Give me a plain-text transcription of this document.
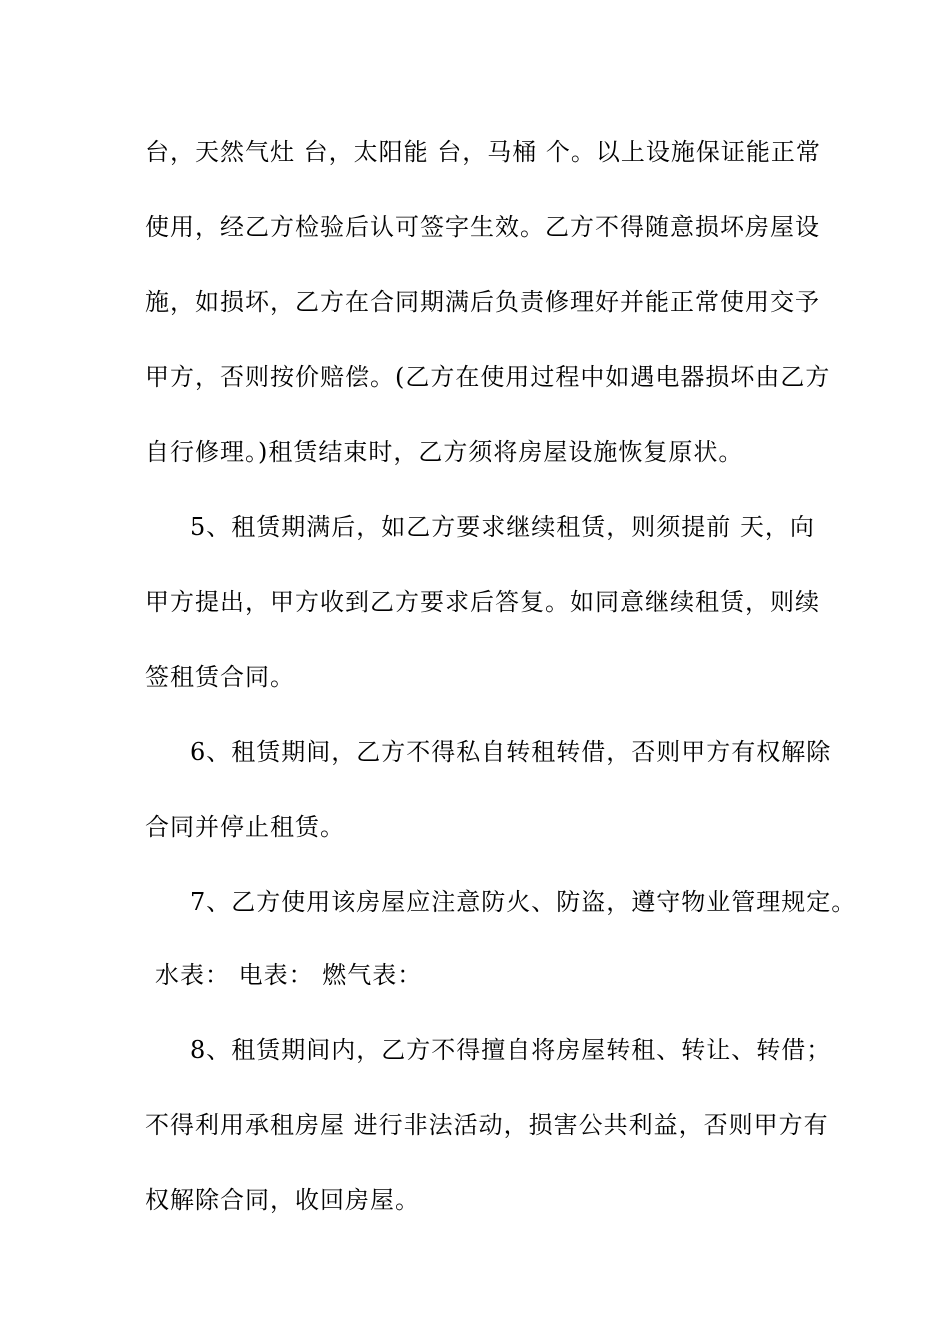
台，天然气灶 台，太阳能 台，马桶 个。以上设施保证能正常
使用，经乙方检验后认可签字生效。乙方不得随意损坏房屋设
施，如损坏，乙方在合同期满后负责修理好并能正常使用交予
甲方，否则按价赔偿。(乙方在使用过程中如遇电器损坏由乙方
自行修理。)租赁结束时，乙方须将房屋设施恢复原状。
5、租赁期满后，如乙方要求继续租赁，则须提前 天，向
甲方提出，甲方收到乙方要求后答复。如同意继续租赁，则续
签租赁合同。
6、租赁期间，乙方不得私自转租转借，否则甲方有权解除
合同并停止租赁。
7、乙方使用该房屋应注意防火、防盗，遵守物业管理规定。
水表： 电表： 燃气表：
8、租赁期间内，乙方不得擅自将房屋转租、转让、转借；
不得利用承租房屋 进行非法活动，损害公共利益，否则甲方有
权解除合同，收回房屋。
